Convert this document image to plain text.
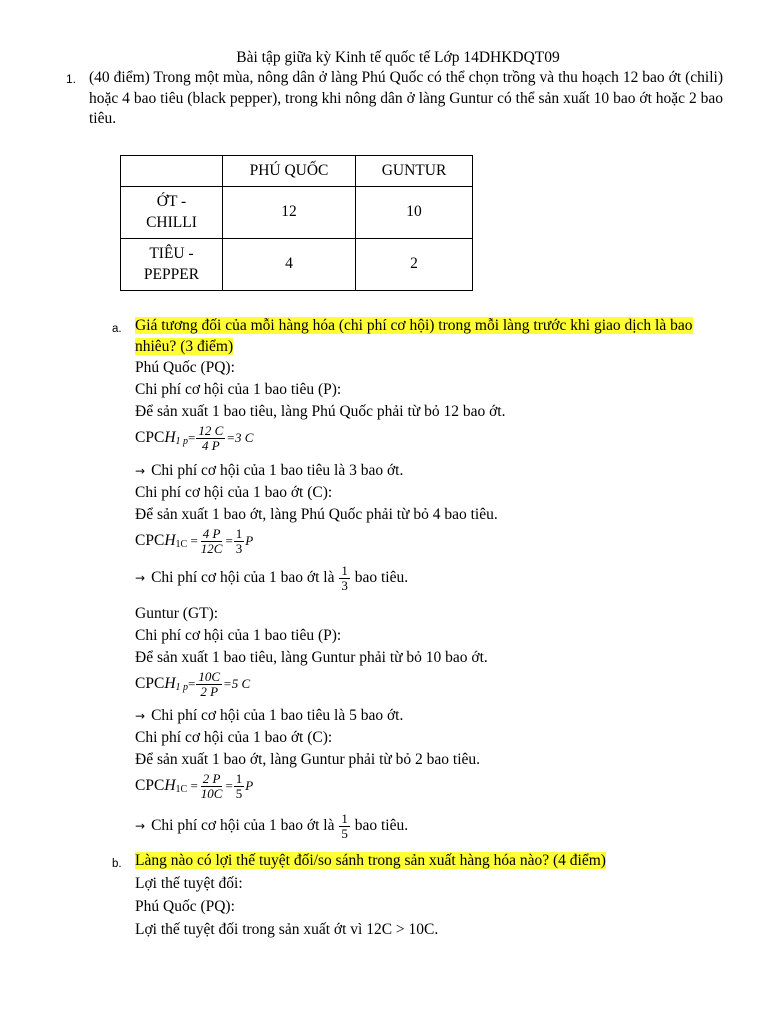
Bài tập giữa kỳ Kinh tế quốc tế Lớp 14DHKDQT09
1. (40 điểm) Trong một mùa, nông dân ở làng Phú Quốc có thể chọn trồng và thu hoạch 12 bao ớt (chili) hoặc 4 bao tiêu (black pepper), trong khi nông dân ở làng Guntur có thể sản xuất 10 bao ớt hoặc 2 bao tiêu.
	PHÚ QUỐC	GUNTUR
ỚT -
CHILLI	12	10
TIÊU -
PEPPER	4	2
a. Giá tương đối của mỗi hàng hóa (chi phí cơ hội) trong mỗi làng trước khi giao dịch là bao nhiêu? (3 điểm)
Phú Quốc (PQ):
Chi phí cơ hội của 1 bao tiêu (P):
Để sản xuất 1 bao tiêu, làng Phú Quốc phải từ bỏ 12 bao ớt.
CPC H 1 $p = \frac{12 C}{4 P} =3$ C
→ Chi phí cơ hội của 1 bao tiêu là 3 bao ớt.
Chi phí cơ hội của 1 bao ớt (C):
Để sản xuất 1 bao ớt, làng Phú Quốc phải từ bỏ 4 bao tiêu.
CPC H $1C = \frac{4 P}{12C} = \frac{1}{3}$ P
→ Chi phí cơ hội của 1 bao ớt là
$\frac{1}{3}$
bao tiêu.
Guntur (GT):
Chi phí cơ hội của 1 bao tiêu (P):
Để sản xuất 1 bao tiêu, làng Guntur phải từ bỏ 10 bao ớt.
CPC H 1 $p = \frac{10C}{2 P} =5$ C
→ Chi phí cơ hội của 1 bao tiêu là 5 bao ớt.
Chi phí cơ hội của 1 bao ớt (C):
Để sản xuất 1 bao ớt, làng Guntur phải từ bỏ 2 bao tiêu.
CPC H $1C = \frac{2 P}{10C} = \frac{1}{5}$ P
→ Chi phí cơ hội của 1 bao ớt là
$\frac{1}{5}$
bao tiêu.
b. Làng nào có lợi thế tuyệt đối/so sánh trong sản xuất hàng hóa nào? (4 điểm)
Lợi thế tuyệt đối:
Phú Quốc (PQ):
Lợi thế tuyệt đối trong sản xuất ớt vì 12C > 10C.
